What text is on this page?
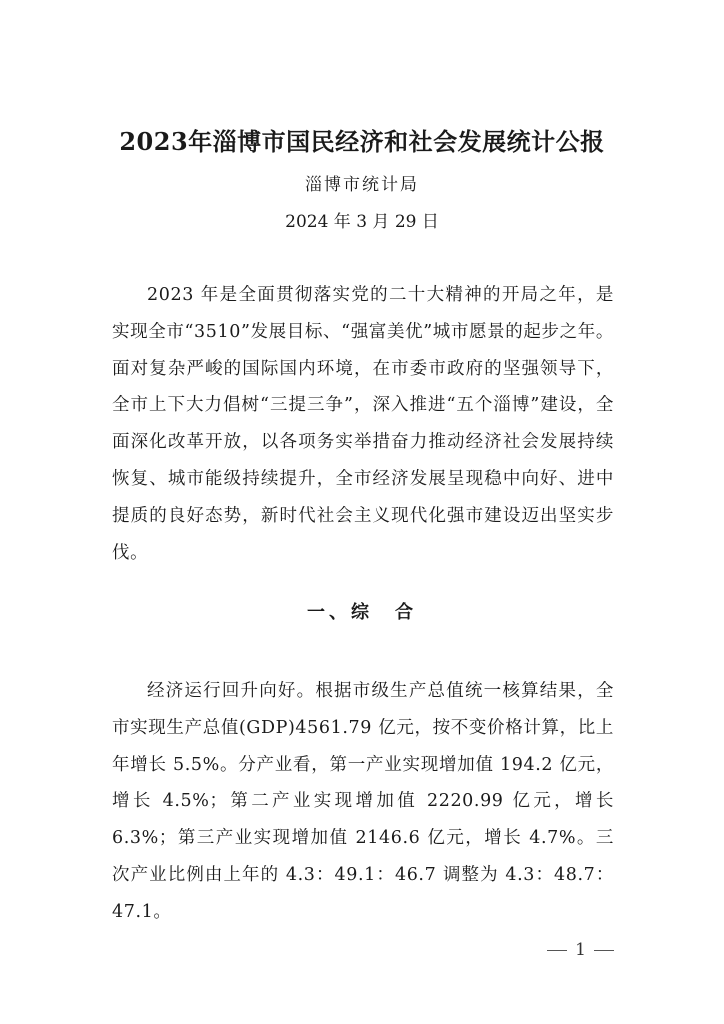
2023年淄博市国民经济和社会发展统计公报

淄博市统计局

2024 年 3 月 29 日

2023 年是全面贯彻落实党的二十大精神的开局之年，是实现全市“3510”发展目标、“强富美优”城市愿景的起步之年。面对复杂严峻的国际国内环境，在市委市政府的坚强领导下，全市上下大力倡树“三提三争”，深入推进“五个淄博”建设，全面深化改革开放，以各项务实举措奋力推动经济社会发展持续恢复、城市能级持续提升，全市经济发展呈现稳中向好、进中提质的良好态势，新时代社会主义现代化强市建设迈出坚实步伐。

一、综　合

经济运行回升向好。根据市级生产总值统一核算结果，全市实现生产总值(GDP)4561.79 亿元，按不变价格计算，比上年增长 5.5%。分产业看，第一产业实现增加值 194.2 亿元，增长 4.5%；第二产业实现增加值 2220.99 亿元，增长 6.3%；第三产业实现增加值 2146.6 亿元，增长 4.7%。三次产业比例由上年的 4.3：49.1：46.7 调整为 4.3：48.7：47.1。

1
